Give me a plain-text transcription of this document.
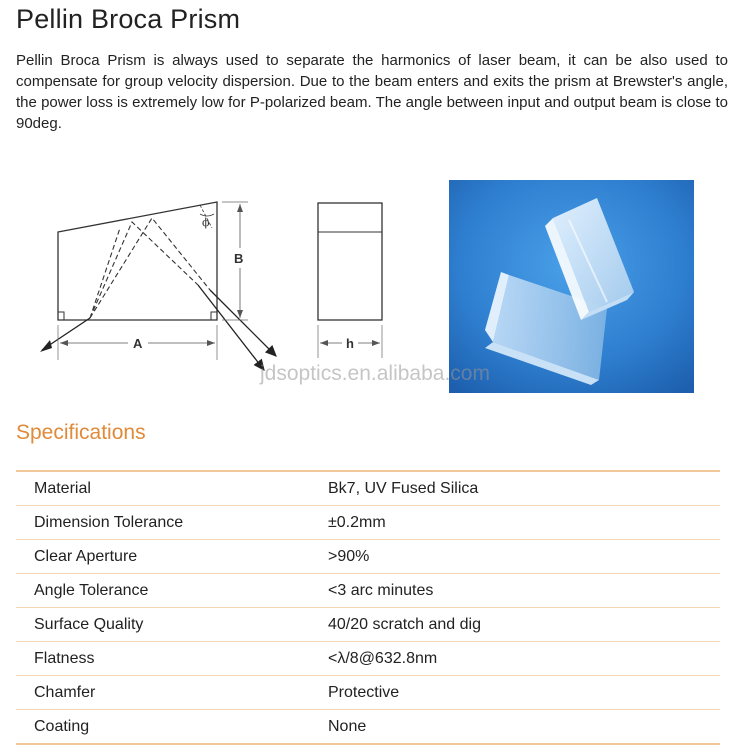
Pellin Broca Prism
Pellin Broca Prism is always used to separate the harmonics of laser beam, it can be also used to compensate for group velocity dispersion. Due to the beam enters and exits the prism at Brewster's angle, the power loss is extremely low for P-polarized beam. The angle between input and output beam is close to 90deg.
ϕ
A
B
h
jdsoptics.en.alibaba.com
Specifications
Material	Bk7, UV Fused Silica
Dimension Tolerance	±0.2mm
Clear Aperture	>90%
Angle Tolerance	<3 arc minutes
Surface Quality	40/20 scratch and dig
Flatness	<λ/8@632.8nm
Chamfer	Protective
Coating	None
